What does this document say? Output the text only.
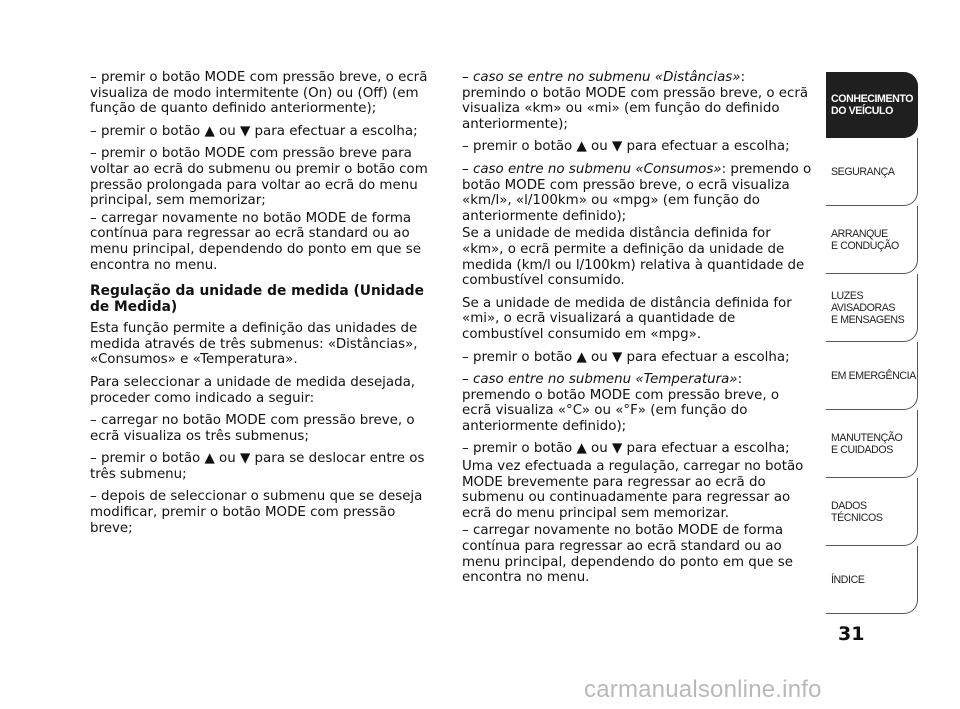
– premir o botão MODE com pressão breve, o ecrã visualiza de modo intermitente (On) ou (Off) (em função de quanto definido anteriormente);

– premir o botão ▲ ou ▼ para efectuar a escolha;

– premir o botão MODE com pressão breve para voltar ao ecrã do submenu ou premir o botão com pressão prolongada para voltar ao ecrã do menu principal, sem memorizar;

– carregar novamente no botão MODE de forma contínua para regressar ao ecrã standard ou ao menu principal, dependendo do ponto em que se encontra no menu.

Regulação da unidade de medida (Unidade de Medida)

Esta função permite a definição das unidades de medida através de três submenus: «Distâncias», «Consumos» e «Temperatura».

Para seleccionar a unidade de medida desejada, proceder como indicado a seguir:

– carregar no botão MODE com pressão breve, o ecrã visualiza os três submenus;

– premir o botão ▲ ou ▼ para se deslocar entre os três submenu;

– depois de seleccionar o submenu que se deseja modificar, premir o botão MODE com pressão breve;

– caso se entre no submenu «Distâncias»: premindo o botão MODE com pressão breve, o ecrã visualiza «km» ou «mi» (em função do definido anteriormente);

– premir o botão ▲ ou ▼ para efectuar a escolha;

– caso entre no submenu «Consumos»: premendo o botão MODE com pressão breve, o ecrã visualiza «km/l», «l/100km» ou «mpg» (em função do anteriormente definido);

Se a unidade de medida distância definida for «km», o ecrã permite a definição da unidade de medida (km/l ou l/100km) relativa à quantidade de combustível consumido.

Se a unidade de medida de distância definida for «mi», o ecrã visualizará a quantidade de combustível consumido em «mpg».

– premir o botão ▲ ou ▼ para efectuar a escolha;

– caso entre no submenu «Temperatura»: premendo o botão MODE com pressão breve, o ecrã visualiza «°C» ou «°F» (em função do anteriormente definido);

– premir o botão ▲ ou ▼ para efectuar a escolha;

Uma vez efectuada a regulação, carregar no botão MODE brevemente para regressar ao ecrã do submenu ou continuadamente para regressar ao ecrã do menu principal sem memorizar.

– carregar novamente no botão MODE de forma contínua para regressar ao ecrã standard ou ao menu principal, dependendo do ponto em que se encontra no menu.

CONHECIMENTO
DO VEÍCULO
SEGURANÇA
ARRANQUE
E CONDUÇÃO
LUZES
AVISADORAS
E MENSAGENS
EM EMERGÊNCIA
MANUTENÇÃO
E CUIDADOS
DADOS
TÉCNICOS
ÍNDICE
31
carmanualsonline.info
